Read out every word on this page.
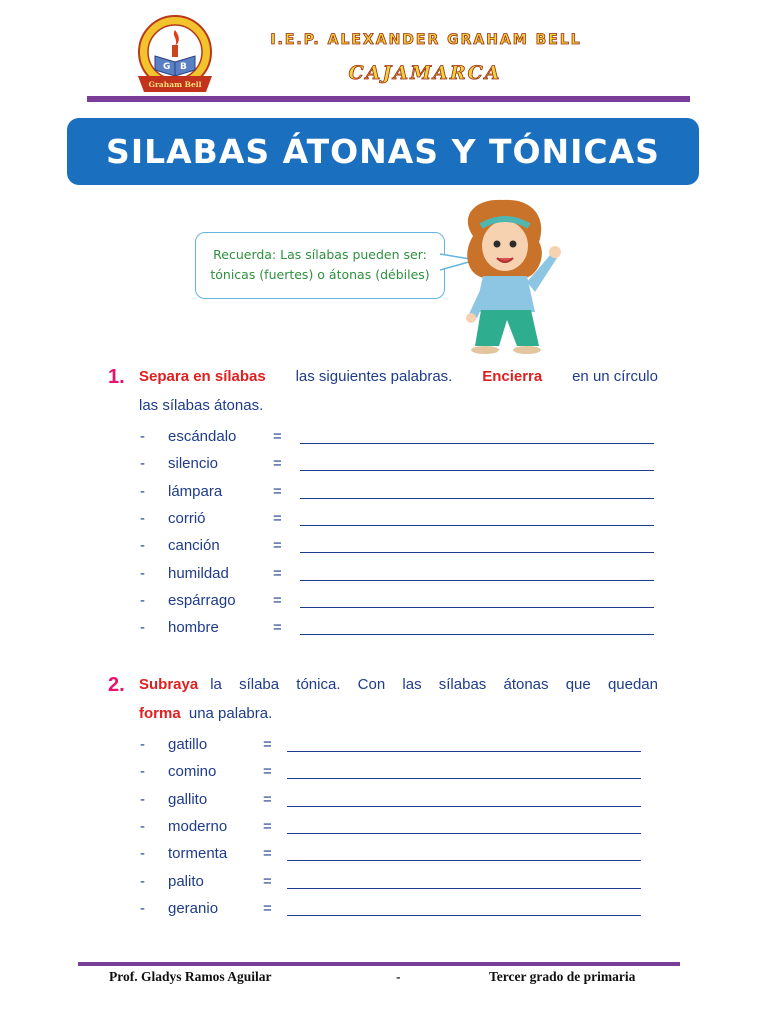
G B
Graham Bell
I.E.P. ALEXANDER GRAHAM BELL
CAJAMARCA
SILABAS ÁTONAS Y TÓNICAS
Recuerda: Las sílabas pueden ser:
tónicas (fuertes) o átonas (débiles)
1. Separa en sílabas las siguientes palabras. Encierra en un círculo
las sílabas átonas.
- escándalo =
- silencio	=
- lámpara	=
- corrió	=
- canción	=
- humildad	=
- espárrago =
- hombre	=
2. Subraya la sílaba tónica. Con las sílabas átonas que quedan
forma una palabra.
- gatillo	=
- comino	=
- gallito	=
- moderno =
- tormenta =
- palito	=
- geranio	=
Prof. Gladys Ramos Aguilar	-	Tercer grado de primaria
